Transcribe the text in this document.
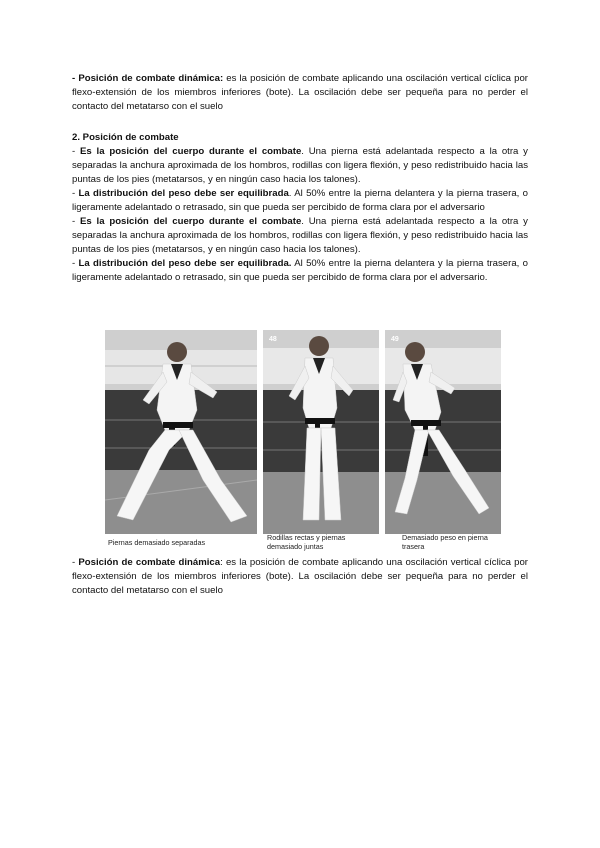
- Posición de combate dinámica: es la posición de combate aplicando una oscilación vertical cíclica por flexo-extensión de los miembros inferiores (bote). La oscilación debe ser pequeña para no perder el contacto del metatarso con el suelo

2. Posición de combate

- Es la posición del cuerpo durante el combate. Una pierna está adelantada respecto a la otra y separadas la anchura aproximada de los hombros, rodillas con ligera flexión, y peso redistribuido hacia las puntas de los pies (metatarsos, y en ningún caso hacia los talones).

- La distribución del peso debe ser equilibrada. Al 50% entre la pierna delantera y la pierna trasera, o ligeramente adelantado o retrasado, sin que pueda ser percibido de forma clara por el adversario

- Es la posición del cuerpo durante el combate. Una pierna está adelantada respecto a la otra y separadas la anchura aproximada de los hombros, rodillas con ligera flexión, y peso redistribuido hacia las puntas de los pies (metatarsos, y en ningún caso hacia los talones).

- La distribución del peso debe ser equilibrada. Al 50% entre la pierna delantera y la pierna trasera, o ligeramente adelantado o retrasado, sin que pueda ser percibido de forma clara por el adversario.

48	49
Piernas demasiado separadas
Rodillas rectas y piernas demasiado juntas
Demasiado peso en pierna trasera

- Posición de combate dinámica: es la posición de combate aplicando una oscilación vertical cíclica por flexo-extensión de los miembros inferiores (bote). La oscilación debe ser pequeña para no perder el contacto del metatarso con el suelo
